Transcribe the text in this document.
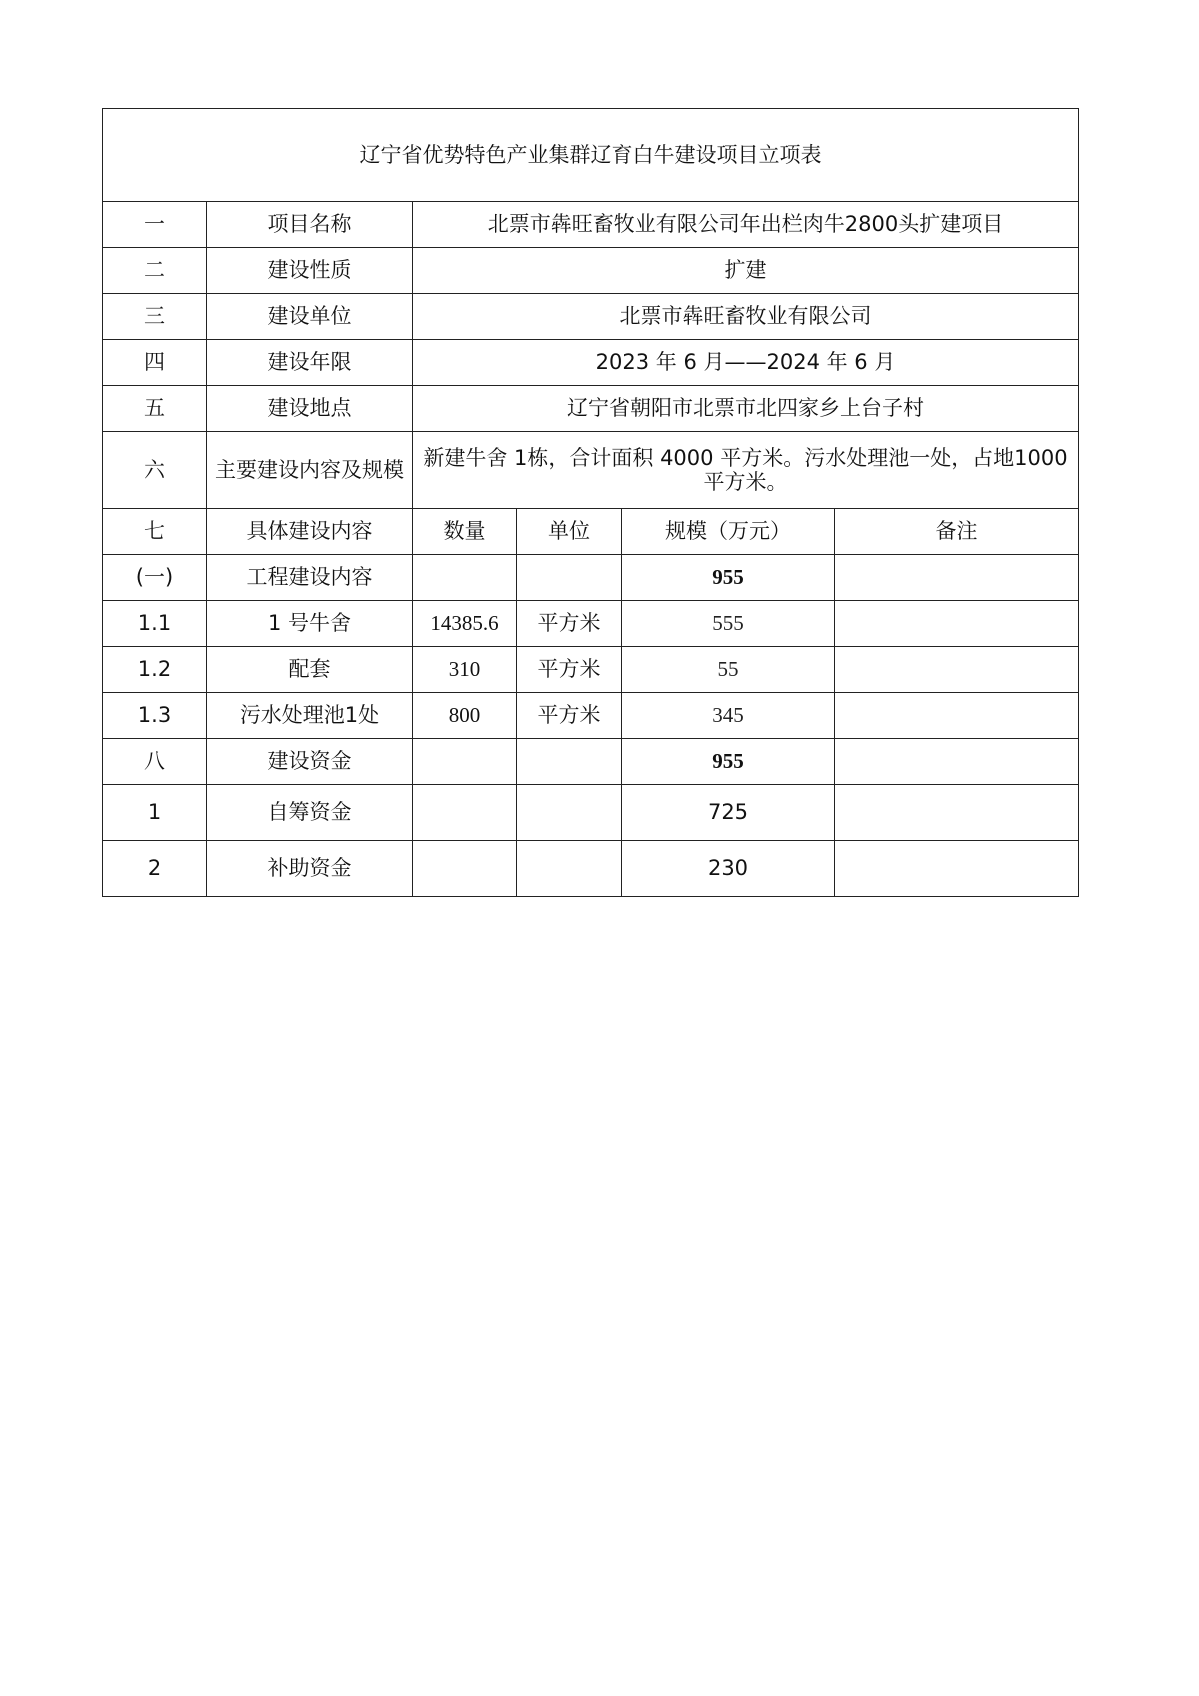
辽宁省优势特色产业集群辽育白牛建设项目立项表					
一	项目名称	北票市犇旺畜牧业有限公司年出栏肉牛2800头扩建项目			
二	建设性质	扩建			
三	建设单位	北票市犇旺畜牧业有限公司			
四	建设年限	2023 年 6 月——2024 年 6 月			
五	建设地点	辽宁省朝阳市北票市北四家乡上台子村			
六	主要建设内容及规模	新建牛舍 1栋，合计面积 4000 平方米。污水处理池一处，占地1000平方米。			
七	具体建设内容	数量	单位	规模（万元）	备注
(一)	工程建设内容			955	
1.1	1 号牛舍	14385.6	平方米	555	
1.2	配套	310	平方米	55	
1.3	污水处理池1处	800	平方米	345	
八	建设资金			955	
1	自筹资金			725	
2	补助资金			230	
